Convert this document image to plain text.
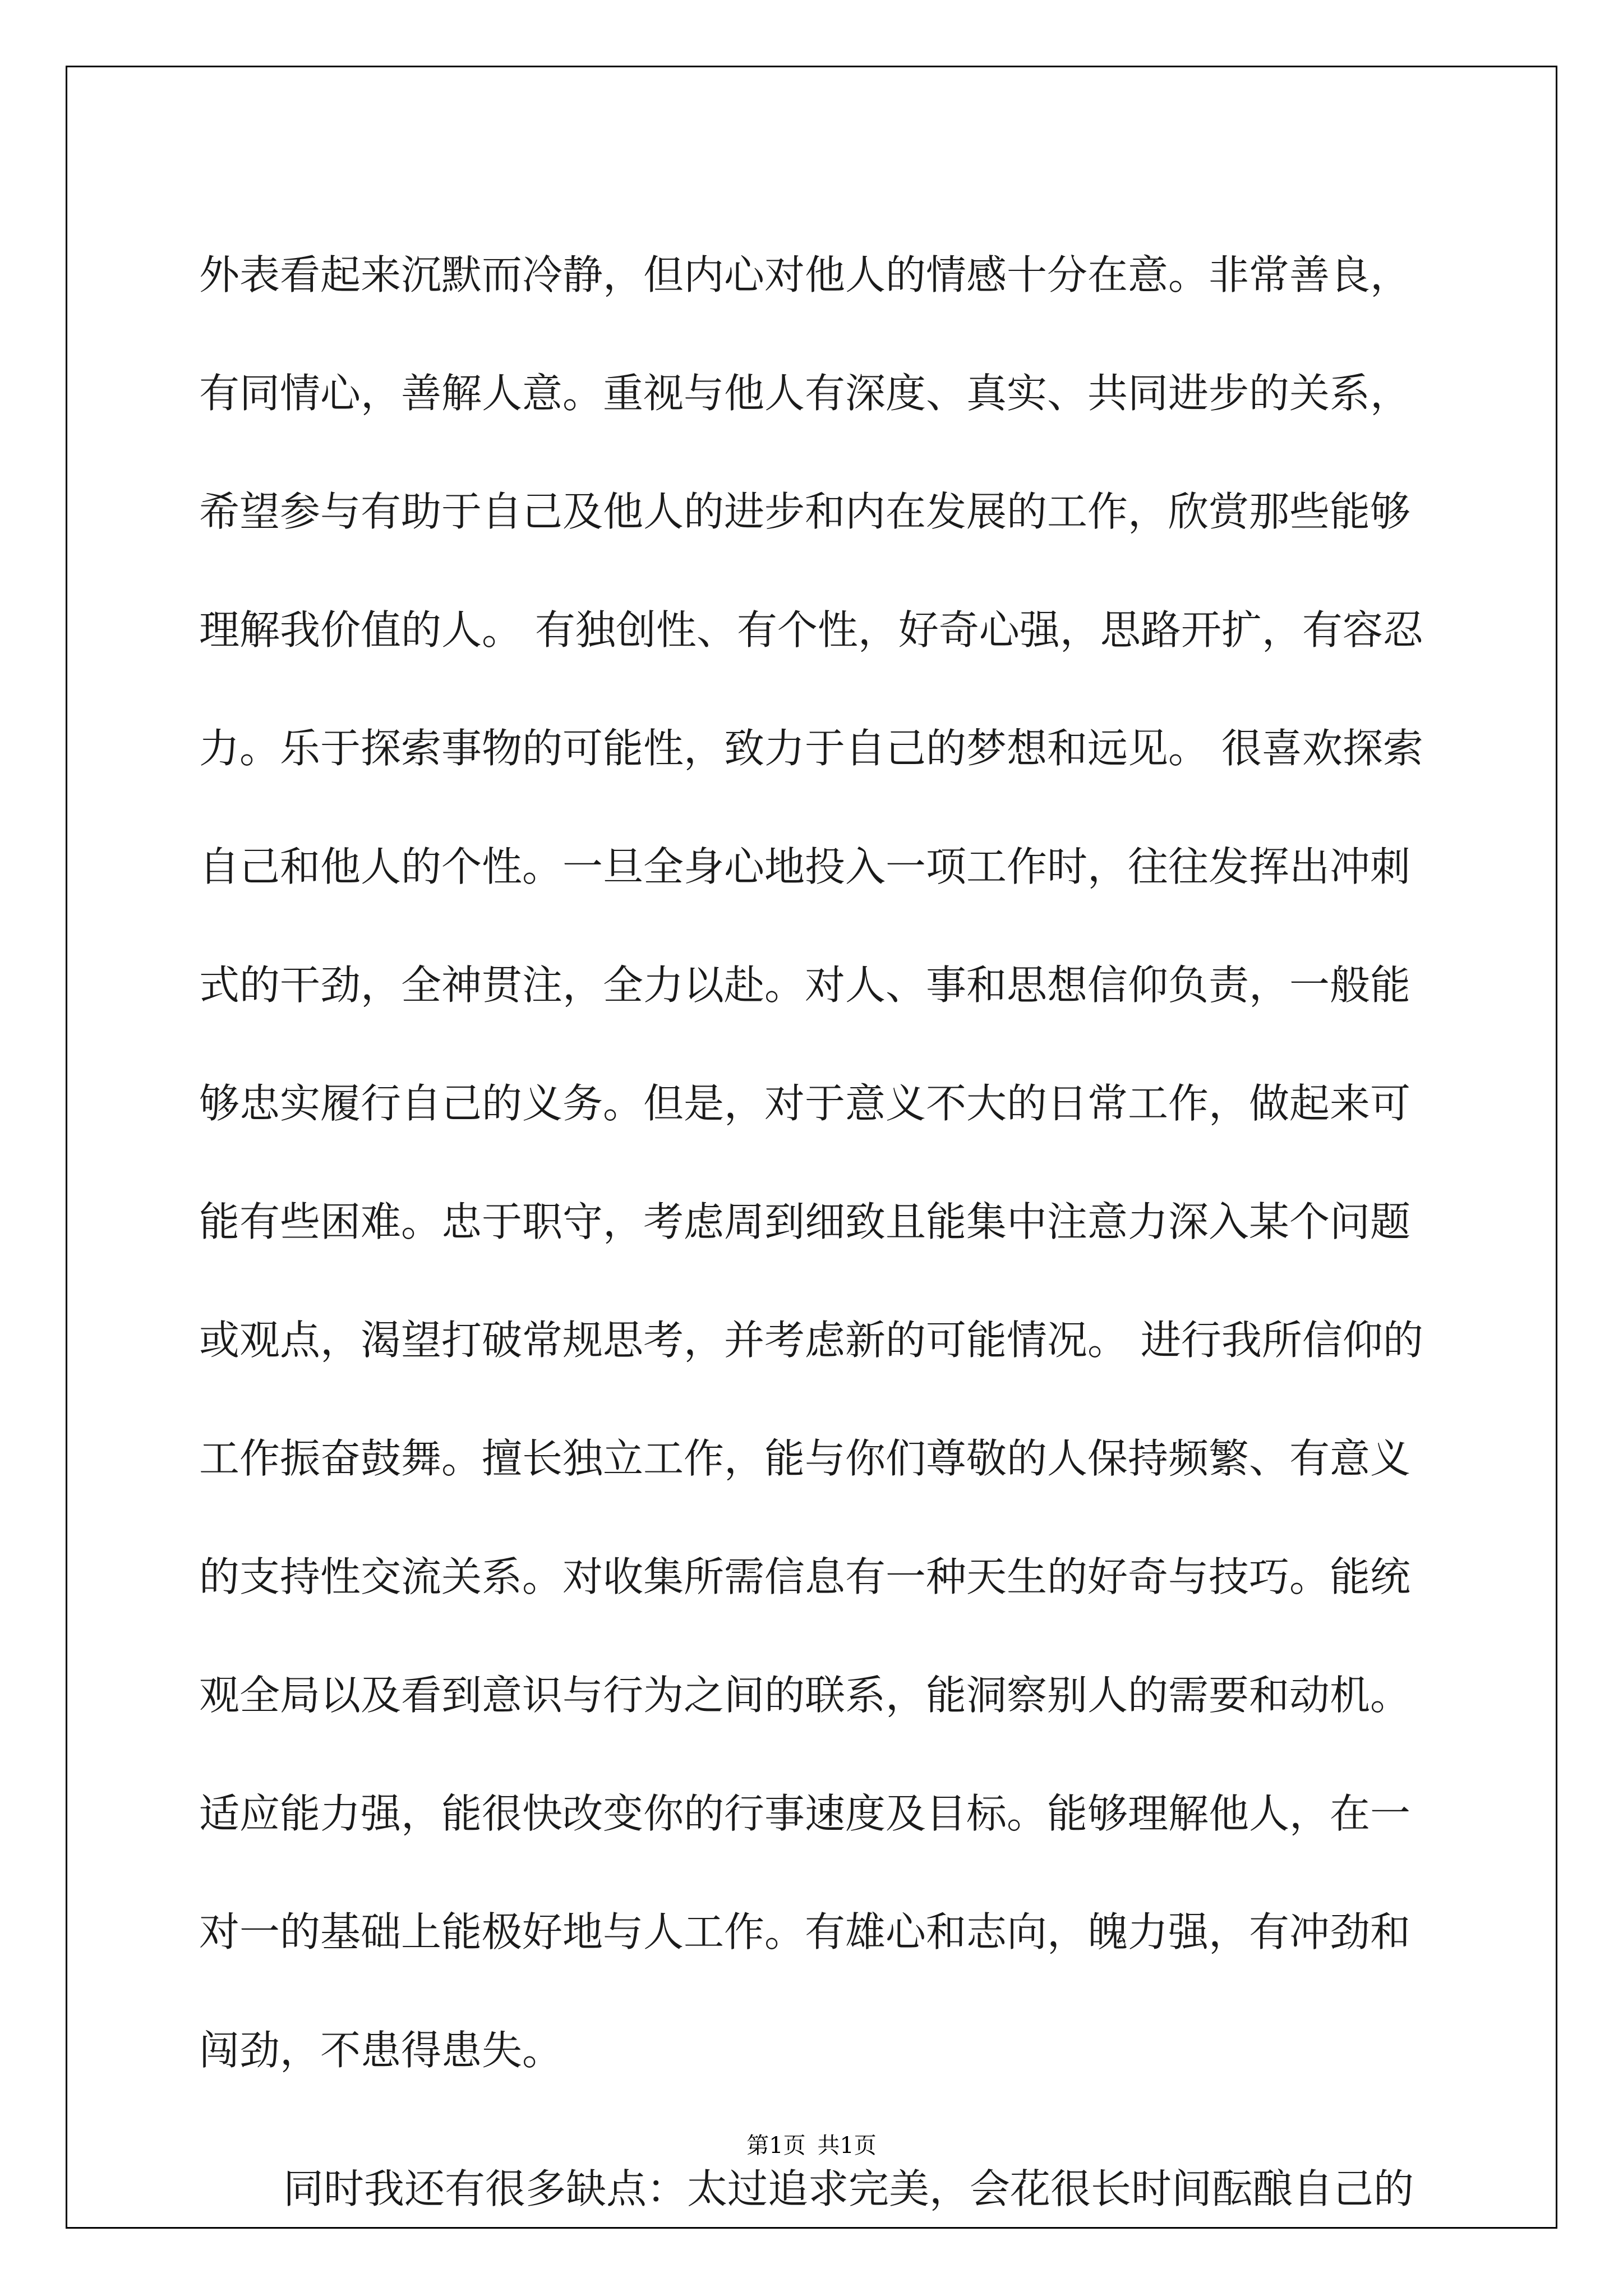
外表看起来沉默而冷静，但内心对他人的情感十分在意。非常善良，
有同情心，善解人意。重视与他人有深度、真实、共同进步的关系，
希望参与有助于自己及他人的进步和内在发展的工作，欣赏那些能够
理解我价值的人。 有独创性、有个性，好奇心强，思路开扩，有容忍
力。乐于探索事物的可能性，致力于自己的梦想和远见。 很喜欢探索
自己和他人的个性。一旦全身心地投入一项工作时，往往发挥出冲刺
式的干劲，全神贯注，全力以赴。对人、事和思想信仰负责，一般能
够忠实履行自己的义务。但是，对于意义不大的日常工作，做起来可
能有些困难。忠于职守，考虑周到细致且能集中注意力深入某个问题
或观点，渴望打破常规思考，并考虑新的可能情况。 进行我所信仰的
工作振奋鼓舞。擅长独立工作，能与你们尊敬的人保持频繁、有意义
的支持性交流关系。对收集所需信息有一种天生的好奇与技巧。能统
观全局以及看到意识与行为之间的联系，能洞察别人的需要和动机。
适应能力强，能很快改变你的行事速度及目标。能够理解他人，在一
对一的基础上能极好地与人工作。有雄心和志向，魄力强，有冲劲和
闯劲，不患得患失。
同时我还有很多缺点：太过追求完美，会花很长时间酝酿自己的
第1页 共1页
